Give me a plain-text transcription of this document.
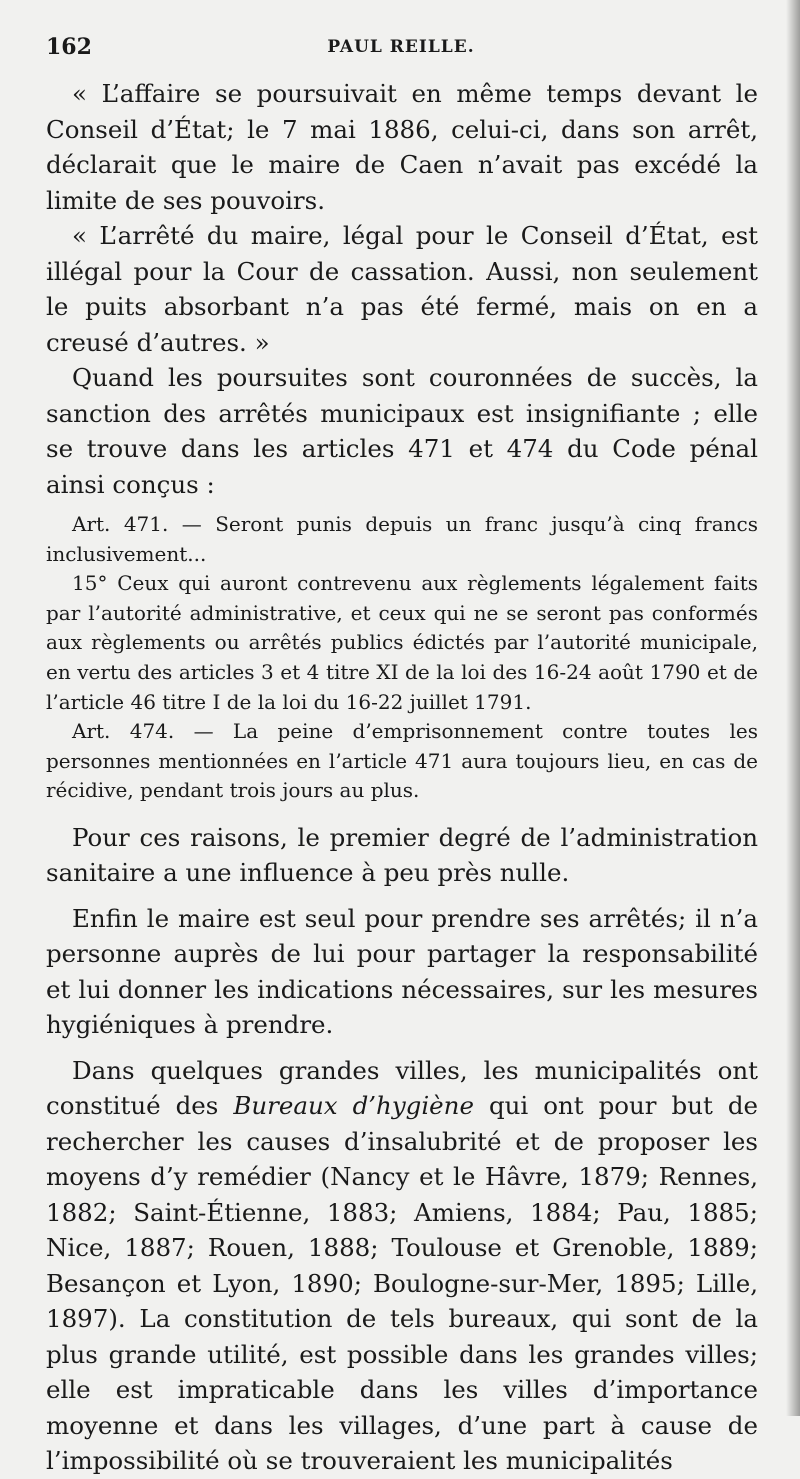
162	PAUL REILLE.

« L’affaire se poursuivait en même temps devant le Conseil d’État; le 7 mai 1886, celui-ci, dans son arrêt, déclarait que le maire de Caen n’avait pas excédé la limite de ses pouvoirs.

« L’arrêté du maire, légal pour le Conseil d’État, est illégal pour la Cour de cassation. Aussi, non seulement le puits absorbant n’a pas été fermé, mais on en a creusé d’autres. »

Quand les poursuites sont couronnées de succès, la sanction des arrêtés municipaux est insignifiante ; elle se trouve dans les articles 471 et 474 du Code pénal ainsi conçus :

Art. 471. — Seront punis depuis un franc jusqu’à cinq francs inclusivement...

15° Ceux qui auront contrevenu aux règlements légalement faits par l’autorité administrative, et ceux qui ne se seront pas conformés aux règlements ou arrêtés publics édictés par l’autorité municipale, en vertu des articles 3 et 4 titre XI de la loi des 16-24 août 1790 et de l’article 46 titre I de la loi du 16-22 juillet 1791.

Art. 474. — La peine d’emprisonnement contre toutes les personnes mentionnées en l’article 471 aura toujours lieu, en cas de récidive, pendant trois jours au plus.

Pour ces raisons, le premier degré de l’administration sanitaire a une influence à peu près nulle.

Enfin le maire est seul pour prendre ses arrêtés; il n’a personne auprès de lui pour partager la responsabilité et lui donner les indications nécessaires, sur les mesures hygiéniques à prendre.

Dans quelques grandes villes, les municipalités ont constitué des Bureaux d’hygiène qui ont pour but de rechercher les causes d’insalubrité et de proposer les moyens d’y remédier (Nancy et le Hâvre, 1879; Rennes, 1882; Saint-Étienne, 1883; Amiens, 1884; Pau, 1885; Nice, 1887; Rouen, 1888; Toulouse et Grenoble, 1889; Besançon et Lyon, 1890; Boulogne-sur-Mer, 1895; Lille, 1897). La constitution de tels bureaux, qui sont de la plus grande utilité, est possible dans les grandes villes; elle est impraticable dans les villes d’importance moyenne et dans les villages, d’une part à cause de l’impossibilité où se trouveraient les municipalités
